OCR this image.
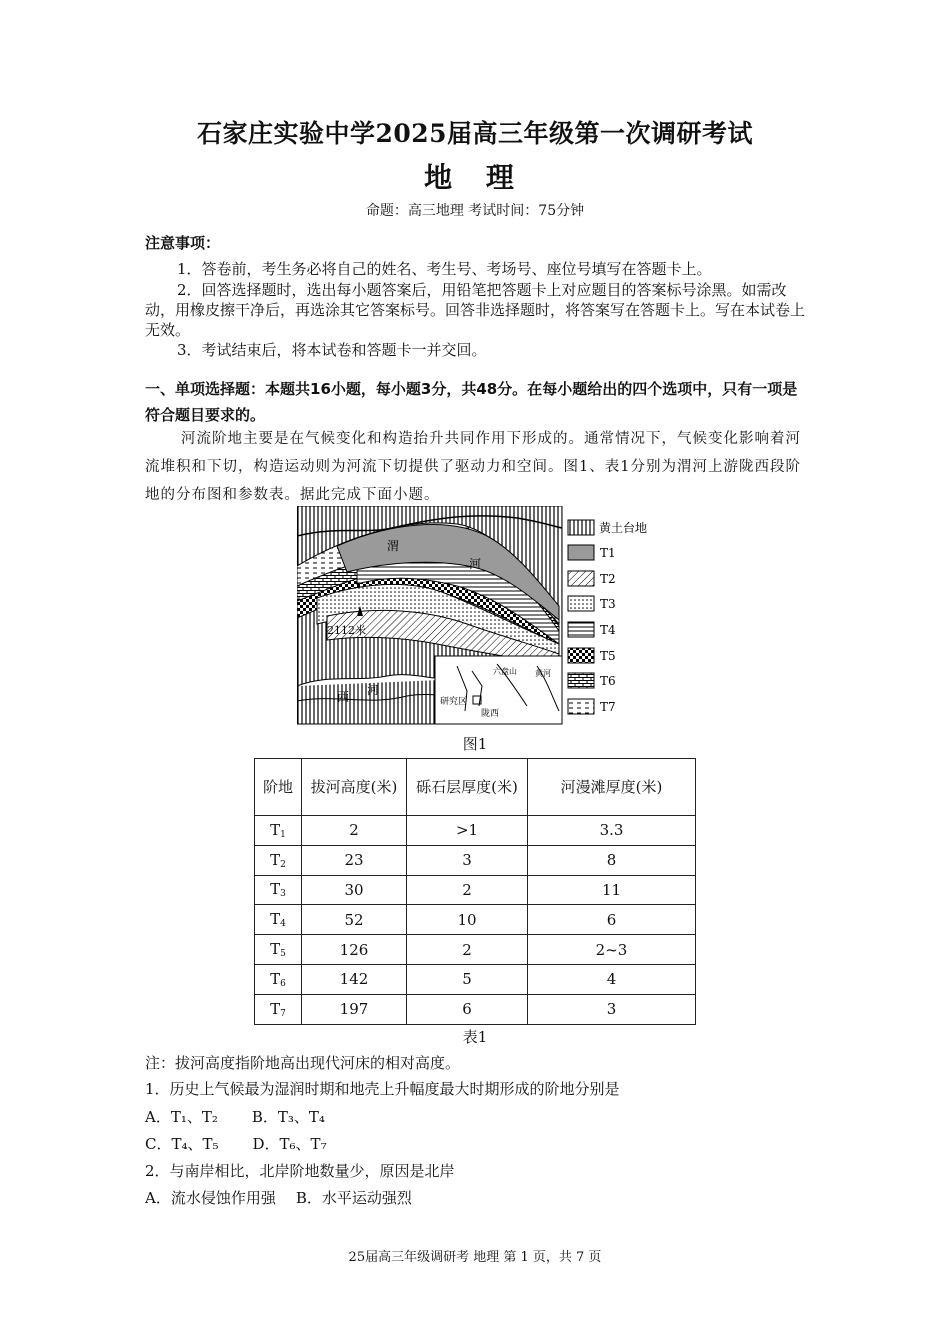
石家庄实验中学2025届高三年级第一次调研考试
地 理
命题：高三地理 考试时间：75分钟
注意事项：
1．答卷前，考生务必将自己的姓名、考生号、考场号、座位号填写在答题卡上。
2．回答选择题时，选出每小题答案后，用铅笔把答题卡上对应题目的答案标号涂黑。如需改动，用橡皮擦干净后，再选涂其它答案标号。回答非选择题时，将答案写在答题卡上。写在本试卷上无效。
3．考试结束后，将本试卷和答题卡一并交回。
一、单项选择题：本题共16小题，每小题3分，共48分。在每小题给出的四个选项中，只有一项是符合题目要求的。
河流阶地主要是在气候变化和构造抬升共同作用下形成的。通常情况下，气候变化影响着河流堆积和下切，构造运动则为河流下切提供了驱动力和空间。图1、表1分别为渭河上游陇西段阶地的分布图和参数表。据此完成下面小题。
渭
河
2112米
西 河
研究区
陇西
六盘山 黄河
黄土台地
T1
T2
T3
T4
T5
T6
T7
图1
阶地	拔河高度(米)	砾石层厚度(米)	河漫滩厚度(米)
$T_1$	2	>1	3.3
$T_2$	23	3	8
$T_3$	30	2	11
$T_4$	52	10	6
$T_5$	126	2	2~3
$T_6$	142	5	4
$T_7$	197	6	3
表1
注：拔河高度指阶地高出现代河床的相对高度。
1．历史上气候最为湿润时期和地壳上升幅度最大时期形成的阶地分别是
A．T₁、T₂ B．T₃、T₄
C．T₄、T₅ D．T₆、T₇
2．与南岸相比，北岸阶地数量少，原因是北岸
A．流水侵蚀作用强 B．水平运动强烈
25届高三年级调研考 地理 第 1 页，共 7 页
